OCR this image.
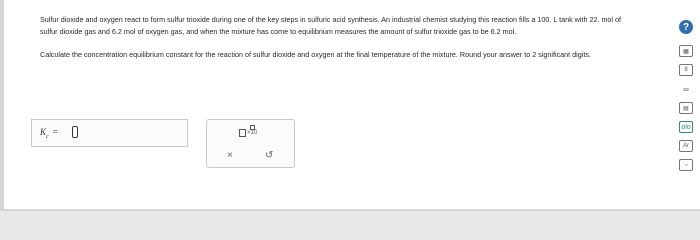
Sulfur dioxide and oxygen react to form sulfur trioxide during one of the key steps in sulfuric acid synthesis. An industrial chemist studying this reaction fills a 100. L tank with 22. mol of sulfur dioxide gas and 6.2 mol of oxygen gas, and when the mixture has come to equilibrium measures the amount of sulfur trioxide gas to be 6.2 mol.

Calculate the concentration equilibrium constant for the reaction of sulfur dioxide and oxygen at the final temperature of the mixture. Round your answer to 2 significant digits.

$K_c$ =	×10
×	↺
?
▦
8
∞
▤
olo
Ar
⌵
